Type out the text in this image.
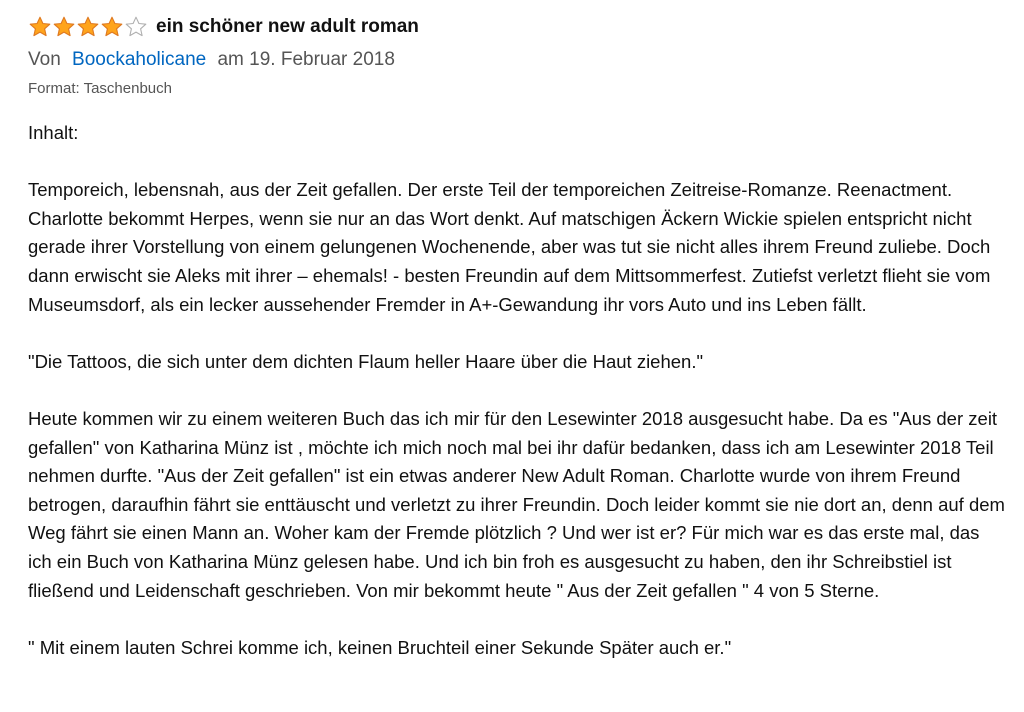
ein schöner new adult roman
Von Boockaholicane am 19. Februar 2018
Format: Taschenbuch

Inhalt:

Temporeich, lebensnah, aus der Zeit gefallen. Der erste Teil der temporeichen Zeitreise-Romanze. Reenactment. Charlotte bekommt Herpes, wenn sie nur an das Wort denkt. Auf matschigen Äckern Wickie spielen entspricht nicht gerade ihrer Vorstellung von einem gelungenen Wochenende, aber was tut sie nicht alles ihrem Freund zuliebe. Doch dann erwischt sie Aleks mit ihrer – ehemals! - besten Freundin auf dem Mittsommerfest. Zutiefst verletzt flieht sie vom Museumsdorf, als ein lecker aussehender Fremder in A+-Gewandung ihr vors Auto und ins Leben fällt.

"Die Tattoos, die sich unter dem dichten Flaum heller Haare über die Haut ziehen."

Heute kommen wir zu einem weiteren Buch das ich mir für den Lesewinter 2018 ausgesucht habe. Da es "Aus der zeit gefallen" von Katharina Münz ist , möchte ich mich noch mal bei ihr dafür bedanken, dass ich am Lesewinter 2018 Teil nehmen durfte. "Aus der Zeit gefallen" ist ein etwas anderer New Adult Roman. Charlotte wurde von ihrem Freund betrogen, daraufhin fährt sie enttäuscht und verletzt zu ihrer Freundin. Doch leider kommt sie nie dort an, denn auf dem Weg fährt sie einen Mann an. Woher kam der Fremde plötzlich ? Und wer ist er? Für mich war es das erste mal, das ich ein Buch von Katharina Münz gelesen habe. Und ich bin froh es ausgesucht zu haben, den ihr Schreibstiel ist fließend und Leidenschaft geschrieben. Von mir bekommt heute " Aus der Zeit gefallen " 4 von 5 Sterne.

" Mit einem lauten Schrei komme ich, keinen Bruchteil einer Sekunde Später auch er."
